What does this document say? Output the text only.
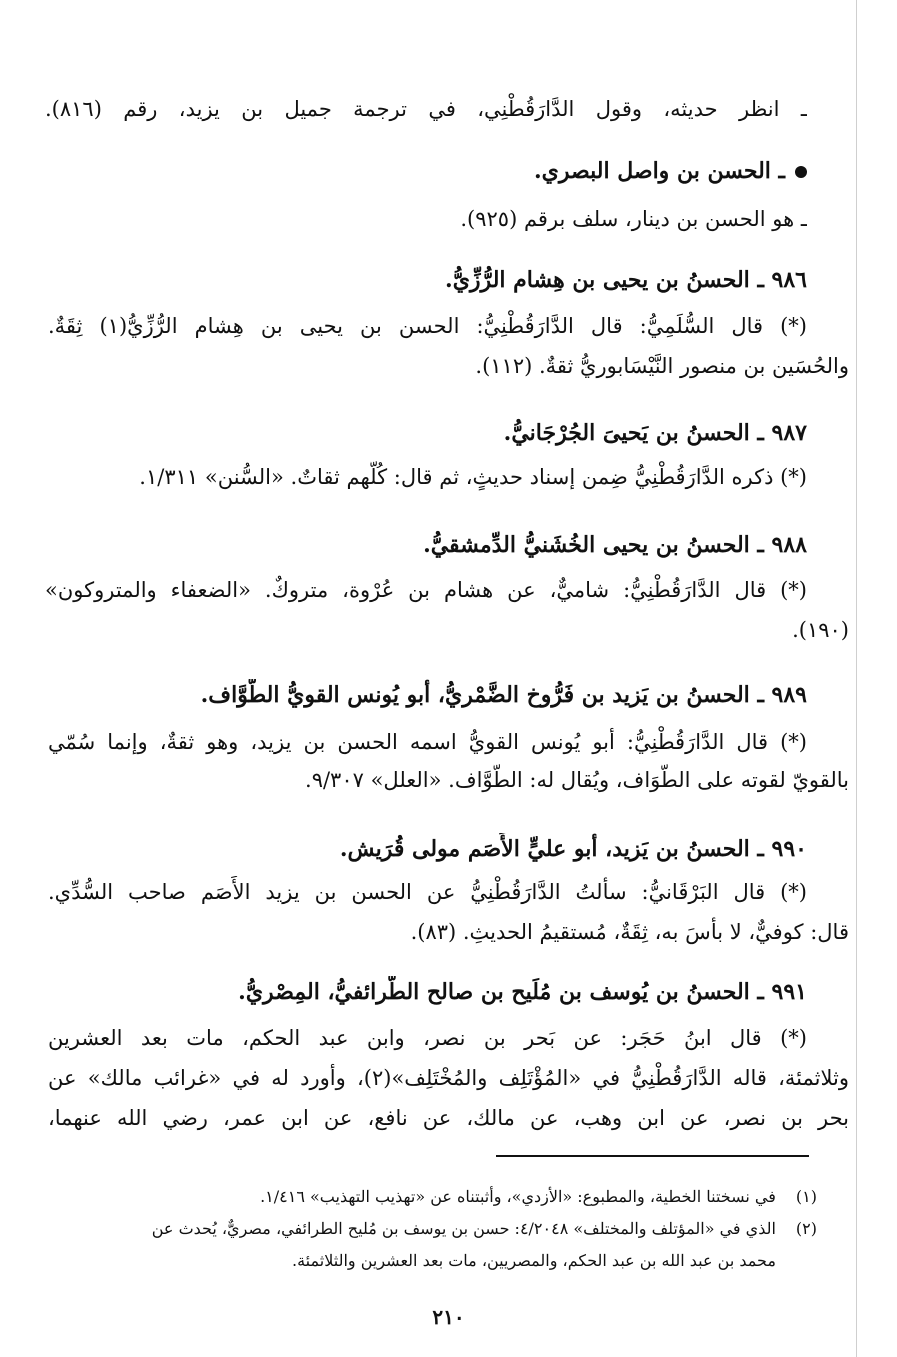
ـ انظر حديثه، وقول الدَّارَقُطْنِي، في ترجمة جميل بن يزيد، رقم (٨١٦).
ـ الحسن بن واصل البصري.
ـ هو الحسن بن دينار، سلف برقم (٩٢٥).
٩٨٦ ـ الحسنُ بن يحيى بن هِشام الرُّزِّيُّ.
(*) قال السُّلَمِيُّ: قال الدَّارَقُطْنِيُّ: الحسن بن يحيى بن هِشام الرُّزِّيُّ(١) ثِقَةٌ.
والحُسَين بن منصور النَّيْسَابوريُّ ثقةٌ. (١١٢).
٩٨٧ ـ الحسنُ بن يَحيىَ الجُرْجَانيُّ.
(*) ذكره الدَّارَقُطْنِيُّ ضِمن إسناد حديثٍ، ثم قال: كُلُّهم ثقاتٌ. «السُّنن» ١/٣١١.
٩٨٨ ـ الحسنُ بن يحيى الخُشَنيُّ الدِّمشقيُّ.
(*) قال الدَّارَقُطْنِيُّ: شاميٌّ، عن هشام بن عُرْوة، متروكٌ. «الضعفاء والمتروكون»
(١٩٠).
٩٨٩ ـ الحسنُ بن يَزيد بن فَرُّوخ الضَّمْريُّ، أبو يُونس القويُّ الطَّوَّاف.
(*) قال الدَّارَقُطْنِيُّ: أبو يُونس القويُّ اسمه الحسن بن يزيد، وهو ثقةٌ، وإنما سُمّي
بالقويّ لقوته على الطَّوَاف، ويُقال له: الطَّوَّاف. «العلل» ٩/٣٠٧.
٩٩٠ ـ الحسنُ بن يَزيد، أبو عليٍّ الأَصَم مولى قُرَيش.
(*) قال البَرْقَانيُّ: سألتُ الدَّارَقُطْنِيُّ عن الحسن بن يزيد الأَصَم صاحب السُّدِّي.
قال: كوفيٌّ، لا بأْسَ به، ثِقَةٌ، مُستقيمُ الحديثِ. (٨٣).
٩٩١ ـ الحسنُ بن يُوسف بن مُلَيح بن صالح الطَّرائفيُّ، المِصْريُّ.
(*) قال ابنُ حَجَر: عن بَحر بن نصر، وابن عبد الحكم، مات بعد العشرين
وثلاثمئة، قاله الدَّارَقُطْنِيُّ في «المُؤْتَلِف والمُخْتَلِف»(٢)، وأورد له في «غرائب مالك» عن
بحر بن نصر، عن ابن وهب، عن مالك، عن نافع، عن ابن عمر، رضي الله عنهما،
(١) في نسختنا الخطية، والمطبوع: «الأزدي»، وأثبتناه عن «تهذيب التهذيب» ١/٤١٦.
(٢) الذي في «المؤتلف والمختلف» ٤/٢٠٤٨: حسن بن يوسف بن مُليح الطرائفي، مصريٌّ، يُحدث عن
محمد بن عبد الله بن عبد الحكم، والمصريين، مات بعد العشرين والثلاثمئة.
٢١٠
